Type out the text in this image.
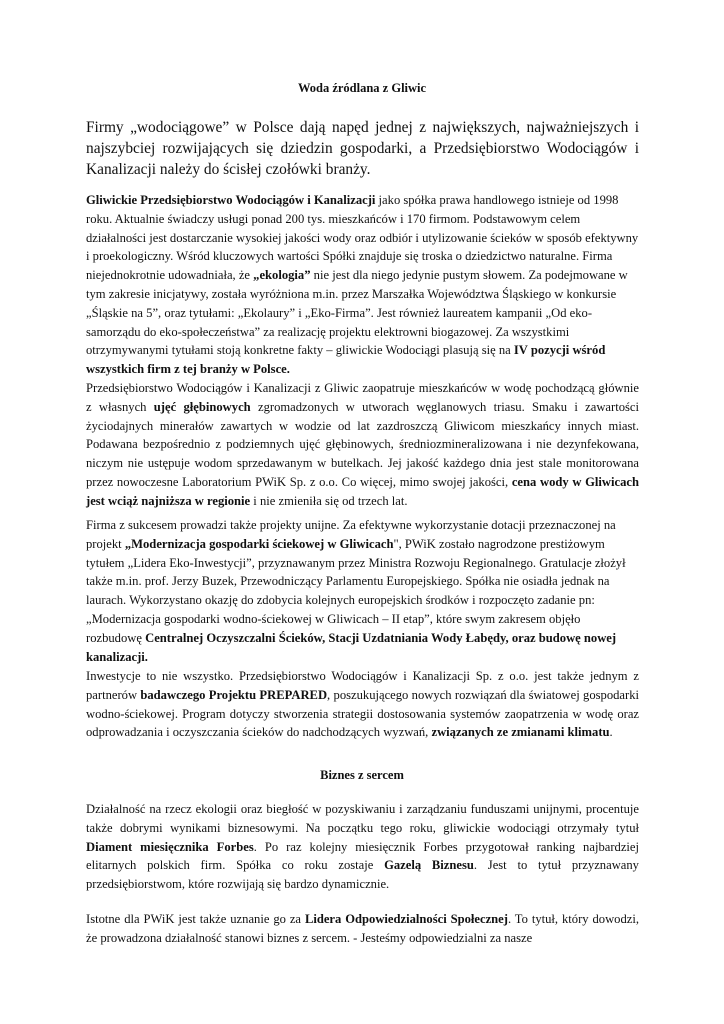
Woda źródlana z Gliwic
Firmy „wodociągowe” w Polsce dają napęd jednej z największych, najważniejszych i najszybciej rozwijających się dziedzin gospodarki, a Przedsiębiorstwo Wodociągów i Kanalizacji należy do ścisłej czołówki branży.
Gliwickie Przedsiębiorstwo Wodociągów i Kanalizacji jako spółka prawa handlowego istnieje od 1998 roku. Aktualnie świadczy usługi ponad 200 tys. mieszkańców i 170 firmom. Podstawowym celem działalności jest dostarczanie wysokiej jakości wody oraz odbiór i utylizowanie ścieków w sposób efektywny i proekologiczny. Wśród kluczowych wartości Spółki znajduje się troska o dziedzictwo naturalne. Firma niejednokrotnie udowadniała, że „ekologia” nie jest dla niego jedynie pustym słowem. Za podejmowane w tym zakresie inicjatywy, została wyróżniona m.in. przez Marszałka Województwa Śląskiego w konkursie „Śląskie na 5”, oraz tytułami: „Ekolaury” i „Eko-Firma”. Jest również laureatem kampanii „Od eko-samorządu do eko-społeczeństwa” za realizację projektu elektrowni biogazowej. Za wszystkimi otrzymywanymi tytułami stoją konkretne fakty – gliwickie Wodociągi plasują się na IV pozycji wśród wszystkich firm z tej branży w Polsce.
Przedsiębiorstwo Wodociągów i Kanalizacji z Gliwic zaopatruje mieszkańców w wodę pochodzącą głównie z własnych ujęć głębinowych zgromadzonych w utworach węglanowych triasu. Smaku i zawartości życiodajnych minerałów zawartych w wodzie od lat zazdroszczą Gliwicom mieszkańcy innych miast. Podawana bezpośrednio z podziemnych ujęć głębinowych, średniozmineralizowana i nie dezynfekowana, niczym nie ustępuje wodom sprzedawanym w butelkach. Jej jakość każdego dnia jest stale monitorowana przez nowoczesne Laboratorium PWiK Sp. z o.o. Co więcej, mimo swojej jakości, cena wody w Gliwicach jest wciąż najniższa w regionie i nie zmieniła się od trzech lat.
Firma z sukcesem prowadzi także projekty unijne. Za efektywne wykorzystanie dotacji przeznaczonej na projekt „Modernizacja gospodarki ściekowej w Gliwicach", PWiK zostało nagrodzone prestiżowym tytułem „Lidera Eko-Inwestycji”, przyznawanym przez Ministra Rozwoju Regionalnego. Gratulacje złożył także m.in. prof. Jerzy Buzek, Przewodniczący Parlamentu Europejskiego. Spółka nie osiadła jednak na laurach. Wykorzystano okazję do zdobycia kolejnych europejskich środków i rozpoczęto zadanie pn: „Modernizacja gospodarki wodno-ściekowej w Gliwicach – II etap”, które swym zakresem objęło rozbudowę Centralnej Oczyszczalni Ścieków, Stacji Uzdatniania Wody Łabędy, oraz budowę nowej kanalizacji.
Inwestycje to nie wszystko. Przedsiębiorstwo Wodociągów i Kanalizacji Sp. z o.o. jest także jednym z partnerów badawczego Projektu PREPARED, poszukującego nowych rozwiązań dla światowej gospodarki wodno-ściekowej. Program dotyczy stworzenia strategii dostosowania systemów zaopatrzenia w wodę oraz odprowadzania i oczyszczania ścieków do nadchodzących wyzwań, związanych ze zmianami klimatu.
Biznes z sercem
Działalność na rzecz ekologii oraz biegłość w pozyskiwaniu i zarządzaniu funduszami unijnymi, procentuje także dobrymi wynikami biznesowymi. Na początku tego roku, gliwickie wodociągi otrzymały tytuł Diament miesięcznika Forbes. Po raz kolejny miesięcznik Forbes przygotował ranking najbardziej elitarnych polskich firm. Spółka co roku zostaje Gazelą Biznesu. Jest to tytuł przyznawany przedsiębiorstwom, które rozwijają się bardzo dynamicznie.
Istotne dla PWiK jest także uznanie go za Lidera Odpowiedzialności Społecznej. To tytuł, który dowodzi, że prowadzona działalność stanowi biznes z sercem. - Jesteśmy odpowiedzialni za nasze
